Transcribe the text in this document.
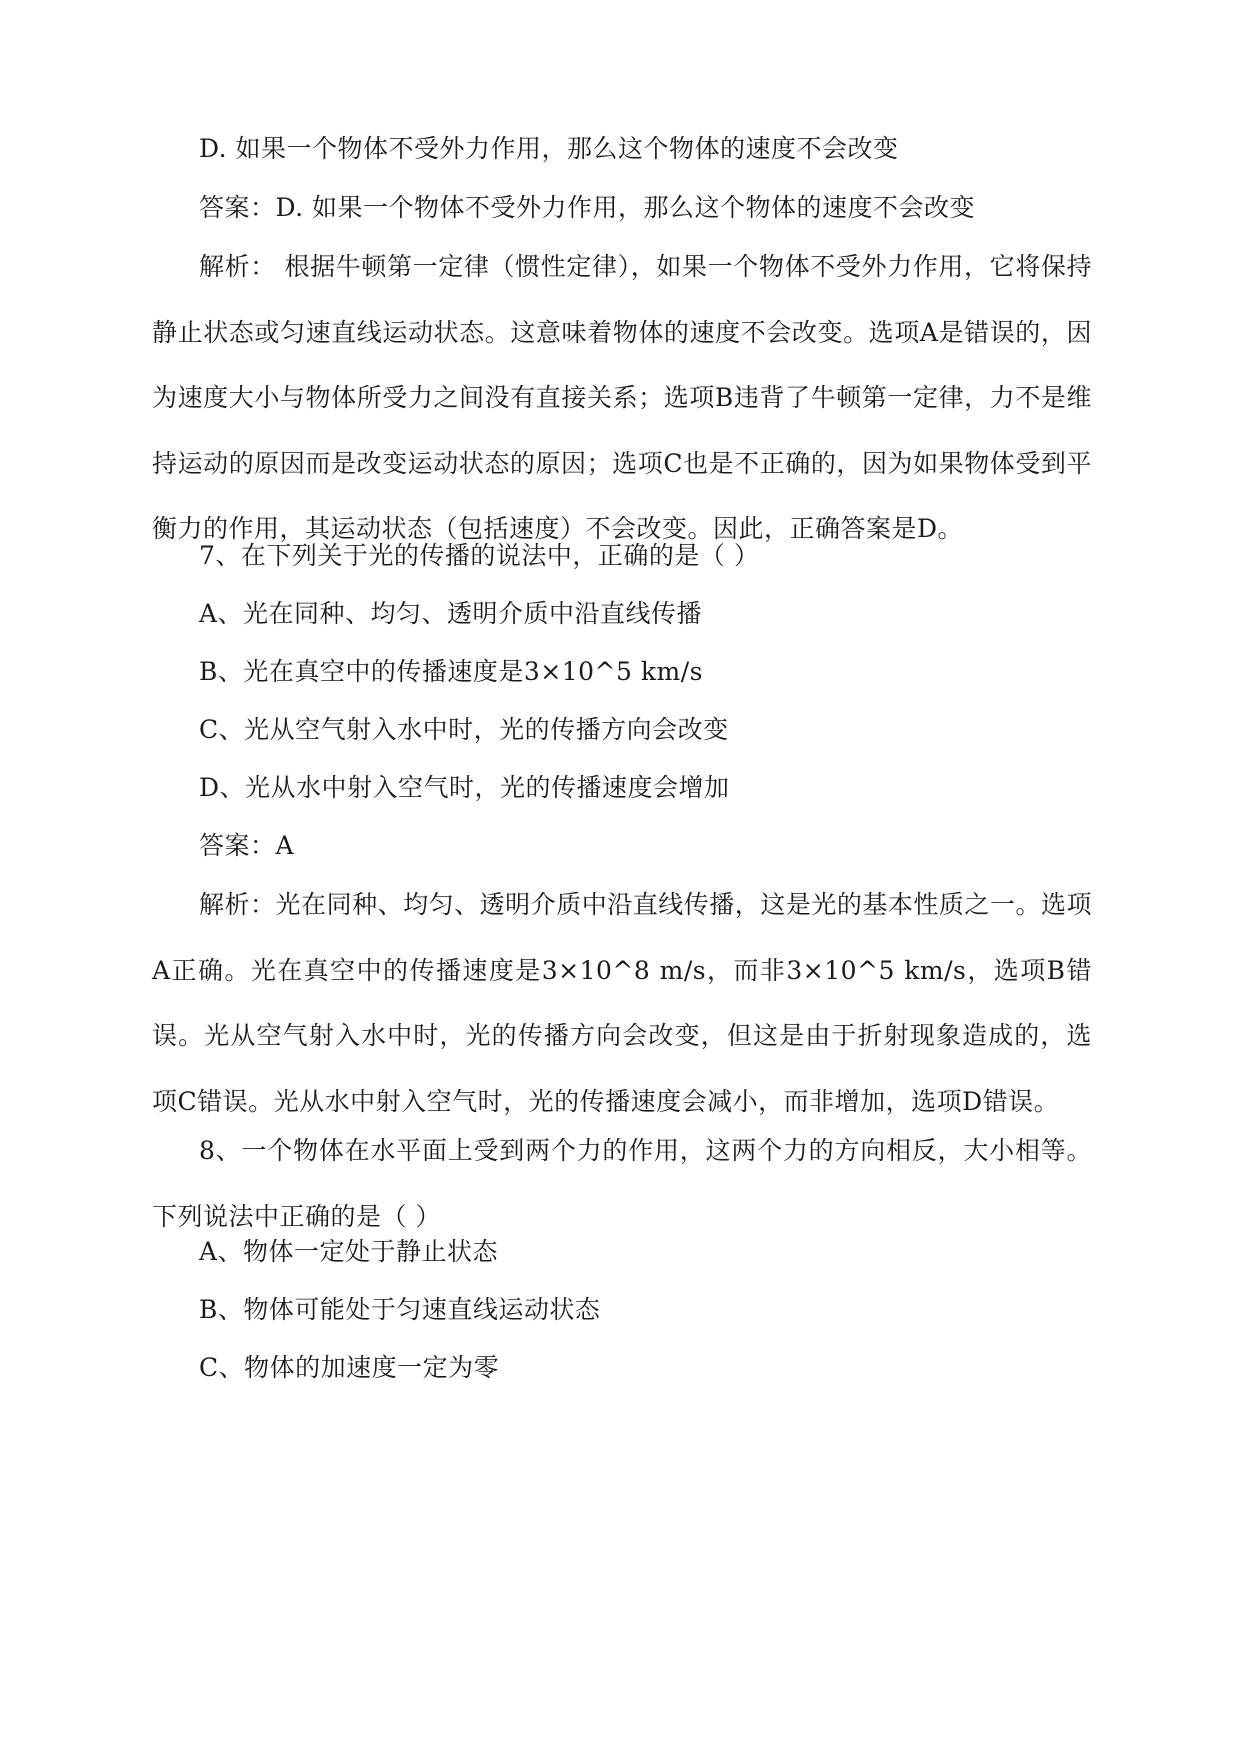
D. 如果一个物体不受外力作用，那么这个物体的速度不会改变
答案：D. 如果一个物体不受外力作用，那么这个物体的速度不会改变
解析： 根据牛顿第一定律（惯性定律），如果一个物体不受外力作用，它将保持静止状态或匀速直线运动状态。这意味着物体的速度不会改变。选项A是错误的，因为速度大小与物体所受力之间没有直接关系；选项B违背了牛顿第一定律，力不是维持运动的原因而是改变运动状态的原因；选项C也是不正确的，因为如果物体受到平衡力的作用，其运动状态（包括速度）不会改变。因此，正确答案是D。
7、在下列关于光的传播的说法中，正确的是（ ）
A、光在同种、均匀、透明介质中沿直线传播
B、光在真空中的传播速度是3×10^5 km/s
C、光从空气射入水中时，光的传播方向会改变
D、光从水中射入空气时，光的传播速度会增加
答案：A
解析：光在同种、均匀、透明介质中沿直线传播，这是光的基本性质之一。选项A正确。光在真空中的传播速度是3×10^8 m/s，而非3×10^5 km/s，选项B错误。光从空气射入水中时，光的传播方向会改变，但这是由于折射现象造成的，选项C错误。光从水中射入空气时，光的传播速度会减小，而非增加，选项D错误。
8、一个物体在水平面上受到两个力的作用，这两个力的方向相反，大小相等。下列说法中正确的是（ ）
A、物体一定处于静止状态
B、物体可能处于匀速直线运动状态
C、物体的加速度一定为零
